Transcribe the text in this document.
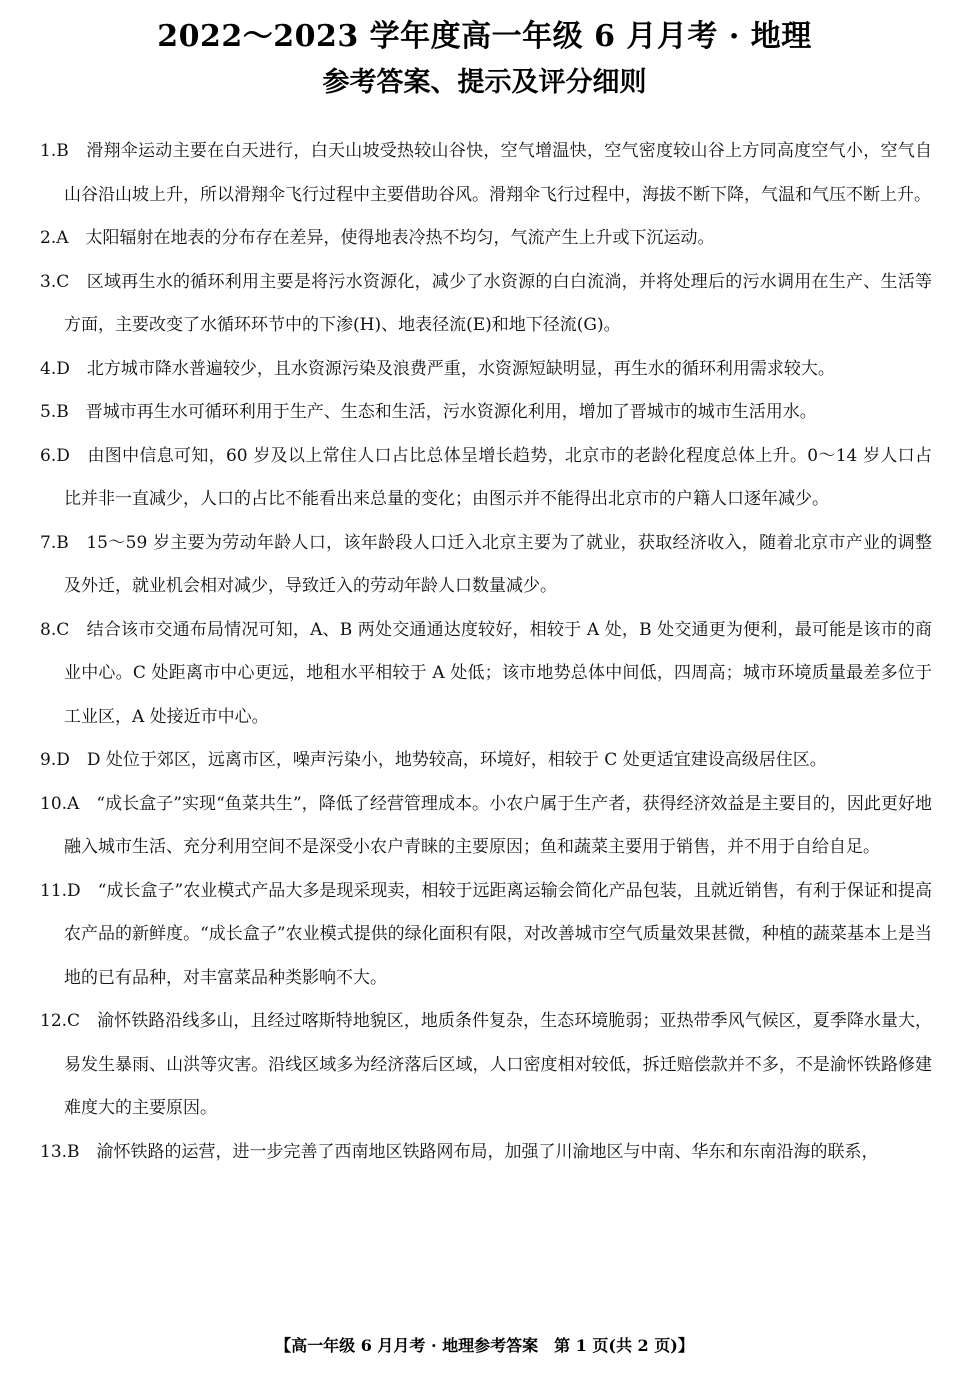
2022～2023 学年度高一年级 6 月月考 · 地理
参考答案、提示及评分细则

1.B　 滑翔伞运动主要在白天进行，白天山坡受热较山谷快，空气增温快，空气密度较山谷上方同高度空气小，空气自山谷沿山坡上升，所以滑翔伞飞行过程中主要借助谷风。滑翔伞飞行过程中，海拔不断下降，气温和气压不断上升。

2.A　 太阳辐射在地表的分布存在差异，使得地表冷热不均匀，气流产生上升或下沉运动。

3.C　 区域再生水的循环利用主要是将污水资源化，减少了水资源的白白流淌，并将处理后的污水调用在生产、生活等方面，主要改变了水循环环节中的下渗(H)、地表径流(E)和地下径流(G)。

4.D　 北方城市降水普遍较少，且水资源污染及浪费严重，水资源短缺明显，再生水的循环利用需求较大。

5.B　 晋城市再生水可循环利用于生产、生态和生活，污水资源化利用，增加了晋城市的城市生活用水。

6.D　 由图中信息可知，60 岁及以上常住人口占比总体呈增长趋势，北京市的老龄化程度总体上升。0～14 岁人口占比并非一直减少，人口的占比不能看出来总量的变化；由图示并不能得出北京市的户籍人口逐年减少。

7.B　 15～59 岁主要为劳动年龄人口，该年龄段人口迁入北京主要为了就业，获取经济收入，随着北京市产业的调整及外迁，就业机会相对减少，导致迁入的劳动年龄人口数量减少。

8.C　 结合该市交通布局情况可知，A、B 两处交通通达度较好，相较于 A 处，B 处交通更为便利，最可能是该市的商业中心。C 处距离市中心更远，地租水平相较于 A 处低；该市地势总体中间低，四周高；城市环境质量最差多位于工业区，A 处接近市中心。

9.D　 D 处位于郊区，远离市区，噪声污染小，地势较高，环境好，相较于 C 处更适宜建设高级居住区。

10.A　 “成长盒子”实现“鱼菜共生”，降低了经营管理成本。小农户属于生产者，获得经济效益是主要目的，因此更好地融入城市生活、充分利用空间不是深受小农户青睐的主要原因；鱼和蔬菜主要用于销售，并不用于自给自足。

11.D　 “成长盒子”农业模式产品大多是现采现卖，相较于远距离运输会简化产品包装，且就近销售，有利于保证和提高农产品的新鲜度。“成长盒子”农业模式提供的绿化面积有限，对改善城市空气质量效果甚微，种植的蔬菜基本上是当地的已有品种，对丰富菜品种类影响不大。

12.C　 渝怀铁路沿线多山，且经过喀斯特地貌区，地质条件复杂，生态环境脆弱；亚热带季风气候区，夏季降水量大，易发生暴雨、山洪等灾害。沿线区域多为经济落后区域，人口密度相对较低，拆迁赔偿款并不多，不是渝怀铁路修建难度大的主要原因。

13.B　 渝怀铁路的运营，进一步完善了西南地区铁路网布局，加强了川渝地区与中南、华东和东南沿海的联系，

【高一年级 6 月月考 · 地理参考答案　第 1 页(共 2 页)】
